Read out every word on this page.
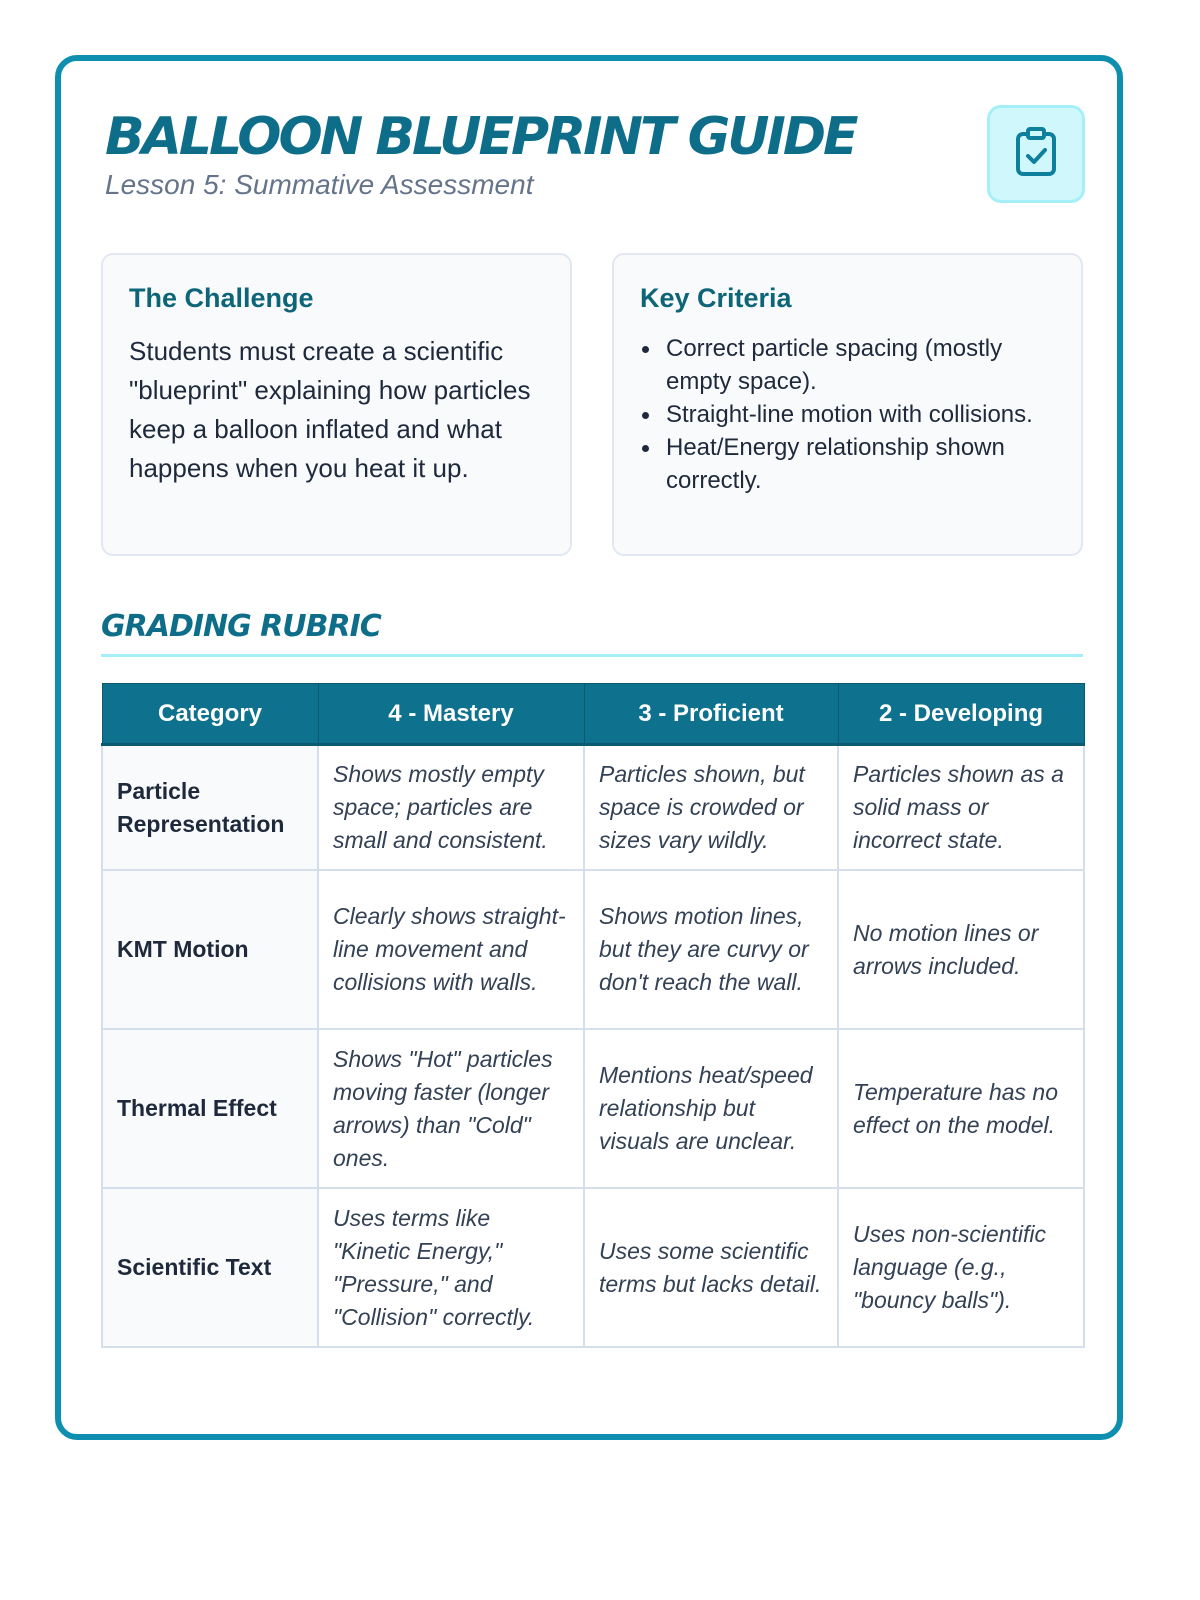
BALLOON BLUEPRINT GUIDE
Lesson 5: Summative Assessment
The Challenge

Students must create a scientific "blueprint" explaining how particles keep a balloon inflated and what happens when you heat it up.

Key Criteria
Correct particle spacing (mostly empty space).
Straight-line motion with collisions.
Heat/Energy relationship shown correctly.
GRADING RUBRIC
Category	4 - Mastery	3 - Proficient	2 - Developing
Particle Representation	Shows mostly empty space; particles are small and consistent.	Particles shown, but space is crowded or sizes vary wildly.	Particles shown as a solid mass or incorrect state.
KMT Motion	Clearly shows straight-line movement and collisions with walls.	Shows motion lines, but they are curvy or don't reach the wall.	No motion lines or arrows included.
Thermal Effect	Shows "Hot" particles moving faster (longer arrows) than "Cold" ones.	Mentions heat/speed relationship but visuals are unclear.	Temperature has no effect on the model.
Scientific Text	Uses terms like "Kinetic Energy," "Pressure," and "Collision" correctly.	Uses some scientific terms but lacks detail.	Uses non-scientific language (e.g., "bouncy balls").
